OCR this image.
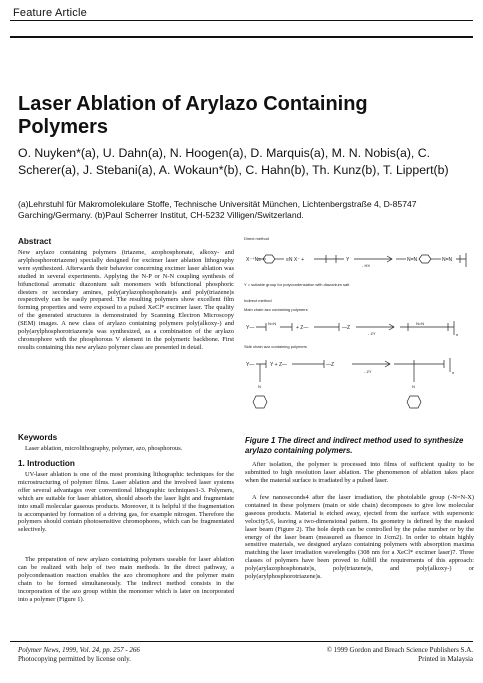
Feature Article
Laser Ablation of Arylazo Containing Polymers
O. Nuyken*(a), U. Dahn(a), N. Hoogen(a), D. Marquis(a), M. N. Nobis(a), C. Scherer(a), J. Stebani(a), A. Wokaun*(b), C. Hahn(b), Th. Kunz(b), T. Lippert(b)
(a)Lehrstuhl für Makromolekulare Stoffe, Technische Universität München, Lichtenbergstraße 4, D-85747 Garching/Germany. (b)Paul Scherrer Institut, CH-5232 Villigen/Switzerland.
Abstract
New arylazo containing polymers (triazene, azophosphonate, alkoxy- and arylphosphorotriazene) specially designed for excimer laser ablation lithography were synthesized. Afterwards their behavior concerning excimer laser ablation was studied in several experiments. Applying the N-P or N-N coupling synthesis of bifunctional aromatic diazonium salt monomers with bifunctional phosphoric diesters or secondary amines, poly(arylazophosphonate)s and poly(triazene)s respectively can be easily prepared. The resulting polymers show excellent film forming properties and were exposed to a pulsed XeCl* excimer laser. The quality of the generated structures is demonstrated by Scanning Electron Microscopy (SEM) images. A new class of arylazo containing polymers poly(alkoxy-) and poly(arylphosphorotriazene)s was synthesized, as a combination of the arylazo chromophore with the phosphorous V element in the polymeric backbone. First results containing this new arylazo polymer class are presented in detail.
Keywords
Laser ablation, microlithography, polymer, azo, phosphorous.
1. Introduction
UV-laser ablation is one of the most promising lithographic techniques for the microstructuring of polymer films. Laser ablation and the involved laser systems offer several advantages over conventional lithographic techniques1-3. Polymers, which are suitable for laser ablation, should absorb the laser light and fragmentate into small molecular gaseous products. Moreover, it is helpful if the fragmentation is accompanied by formation of a driving gas, for example nitrogen. Therefore the polymers should contain photosensitive chromophores, which can be fragmentated selectively.
The preparation of new arylazo containing polymers useable for laser ablation can be realized with help of two main methods. In the direct pathway, a polycondensation reaction enables the azo chromophore and the polymer main chain to be formed simultaneously. The indirect method consists in the incorporation of the azo group within the monomer which is later on incorporated into a polymer (Figure 1).
Direct method
X⁻⁺N≡	≡N X⁻ +	Y
- HX
N=N	N=N
Y = suitable group for polycondensation with diazonium salt
Indirect method
Main chain azo containing polymers
Y—
N=N
+ Z—	—Z
- ZY
N=N
n
Side chain azo containing polymers
Y—	Y + Z—	—Z
- ZY	n
N	N
Figure 1 The direct and indirect method used to synthesize arylazo containing polymers.
After isolation, the polymer is processed into films of sufficient quality to be submitted to high resolution laser ablation. The phenomenon of ablation takes place when the material surface is irradiated by a pulsed laser.
A few nanoseconds4 after the laser irradiation, the photolabile group (-N=N-X) contained in these polymers (main or side chain) decomposes to give low molecular gaseous products. Material is etched away, ejected from the surface with supersonic velocity5,6, leaving a two-dimensional pattern. Its geometry is defined by the masked laser beam (Figure 2). The hole depth can be controlled by the pulse number or by the energy of the laser beam (measured as fluence in J/cm2). In order to obtain highly sensitive materials, we designed arylazo containing polymers with absorption maxima matching the laser irradiation wavelengths (308 nm for a XeCl* excimer laser)7. Three classes of polymers have been proved to fulfill the requirements of this approach: poly(arylazophosphonate)s, poly(triazene)s, and poly(alkoxy-) or poly(arylphosphorotriazene)s.
Polymer News, 1999, Vol. 24, pp. 257 - 266
Photocopying permitted by license only.
© 1999 Gordon and Breach Science Publishers S.A.
Printed in Malaysia
